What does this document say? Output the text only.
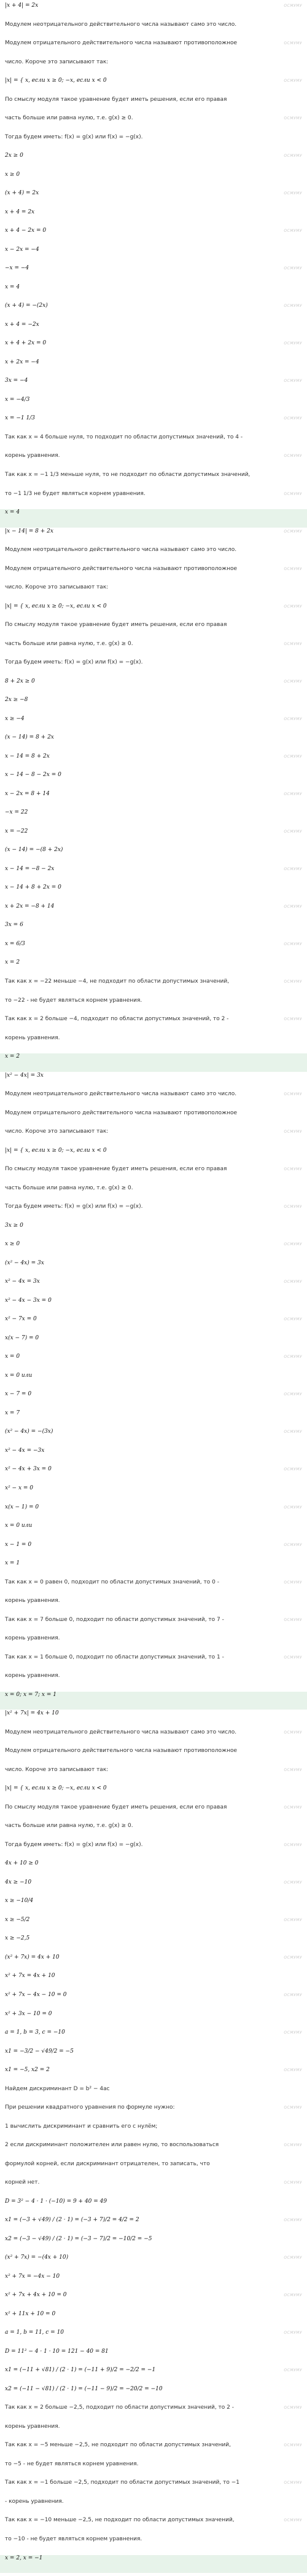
|x + 4| = 2x	ОСМУМУ
Модулем неотрицательного действительного числа называют само это число.
Модулем отрицательного действительного числа называют противоположное	ОСМУМУ
число. Короче это записывают так:
|x| = { x, если x ≥ 0; −x, если x < 0	ОСМУМУ
По смыслу модуля такое уравнение будет иметь решения, если его правая
часть больше или равна нулю, т.е. g(x) ≥ 0.	ОСМУМУ
Тогда будем иметь: f(x) = g(x) или f(x) = −g(x).
2x ≥ 0	ОСМУМУ
x ≥ 0
(x + 4) = 2x	ОСМУМУ
x + 4 = 2x
x + 4 − 2x = 0	ОСМУМУ
x − 2x = −4
−x = −4	ОСМУМУ
x = 4
(x + 4) = −(2x)	ОСМУМУ
x + 4 = −2x
x + 4 + 2x = 0	ОСМУМУ
x + 2x = −4
3x = −4	ОСМУМУ
x = −4/3
x = −1 1/3	ОСМУМУ
Так как x = 4 больше нуля, то подходит по области допустимых значений, то 4 -
корень уравнения.	ОСМУМУ
Так как x = −1 1/3 меньше нуля, то не подходит по области допустимых значений,
то −1 1/3 не будет являться корнем уравнения.	ОСМУМУ
x = 4
|x − 14| = 8 + 2x	ОСМУМУ
Модулем неотрицательного действительного числа называют само это число.
Модулем отрицательного действительного числа называют противоположное	ОСМУМУ
число. Короче это записывают так:
|x| = { x, если x ≥ 0; −x, если x < 0	ОСМУМУ
По смыслу модуля такое уравнение будет иметь решения, если его правая
часть больше или равна нулю, т.е. g(x) ≥ 0.	ОСМУМУ
Тогда будем иметь: f(x) = g(x) или f(x) = −g(x).
8 + 2x ≥ 0	ОСМУМУ
2x ≥ −8
x ≥ −4	ОСМУМУ
(x − 14) = 8 + 2x
x − 14 = 8 + 2x	ОСМУМУ
x − 14 − 8 − 2x = 0
x − 2x = 8 + 14	ОСМУМУ
−x = 22
x = −22	ОСМУМУ
(x − 14) = −(8 + 2x)
x − 14 = −8 − 2x	ОСМУМУ
x − 14 + 8 + 2x = 0
x + 2x = −8 + 14	ОСМУМУ
3x = 6
x = 6/3	ОСМУМУ
x = 2
Так как x = −22 меньше −4, не подходит по области допустимых значений,	ОСМУМУ
то −22 - не будет являться корнем уравнения.
Так как x = 2 больше −4, подходит по области допустимых значений, то 2 -	ОСМУМУ
корень уравнения.
x = 2
|x² − 4x| = 3x
Модулем неотрицательного действительного числа называют само это число.	ОСМУМУ
Модулем отрицательного действительного числа называют противоположное
число. Короче это записывают так:	ОСМУМУ
|x| = { x, если x ≥ 0; −x, если x < 0
По смыслу модуля такое уравнение будет иметь решения, если его правая	ОСМУМУ
часть больше или равна нулю, т.е. g(x) ≥ 0.
Тогда будем иметь: f(x) = g(x) или f(x) = −g(x).	ОСМУМУ
3x ≥ 0
x ≥ 0	ОСМУМУ
(x² − 4x) = 3x
x² − 4x = 3x	ОСМУМУ
x² − 4x − 3x = 0
x² − 7x = 0	ОСМУМУ
x(x − 7) = 0
x = 0	ОСМУМУ
x = 0 или
x − 7 = 0	ОСМУМУ
x = 7
(x² − 4x) = −(3x)	ОСМУМУ
x² − 4x = −3x
x² − 4x + 3x = 0	ОСМУМУ
x² − x = 0
x(x − 1) = 0	ОСМУМУ
x = 0 или
x − 1 = 0	ОСМУМУ
x = 1
Так как x = 0 равен 0, подходит по области допустимых значений, то 0 -	ОСМУМУ
корень уравнения.
Так как x = 7 больше 0, подходит по области допустимых значений, то 7 -	ОСМУМУ
корень уравнения.
Так как x = 1 больше 0, подходит по области допустимых значений, то 1 -	ОСМУМУ
корень уравнения.
x = 0; x = 7; x = 1
|x² + 7x| = 4x + 10
Модулем неотрицательного действительного числа называют само это число.	ОСМУМУ
Модулем отрицательного действительного числа называют противоположное
число. Короче это записывают так:	ОСМУМУ
|x| = { x, если x ≥ 0; −x, если x < 0
По смыслу модуля такое уравнение будет иметь решения, если его правая	ОСМУМУ
часть больше или равна нулю, т.е. g(x) ≥ 0.
Тогда будем иметь: f(x) = g(x) или f(x) = −g(x).	ОСМУМУ
4x + 10 ≥ 0
4x ≥ −10	ОСМУМУ
x ≥ −10/4
x ≥ −5/2	ОСМУМУ
x ≥ −2,5
(x² + 7x) = 4x + 10	ОСМУМУ
x² + 7x = 4x + 10
x² + 7x − 4x − 10 = 0	ОСМУМУ
x² + 3x − 10 = 0
a = 1, b = 3, c = −10	ОСМУМУ
x1 = −3/2 − √49/2 = −5
x1 = −5, x2 = 2	ОСМУМУ
Найдем дискриминант D = b² − 4ac
При решении квадратного уравнения по формуле нужно:	ОСМУМУ
1 вычислить дискриминант и сравнить его с нулём;
2 если дискриминант положителен или равен нулю, то воспользоваться	ОСМУМУ
формулой корней, если дискриминант отрицателен, то записать, что
корней нет.	ОСМУМУ
D = 3² − 4 · 1 · (−10) = 9 + 40 = 49
x1 = (−3 + √49) / (2 · 1) = (−3 + 7)/2 = 4/2 = 2	ОСМУМУ
x2 = (−3 − √49) / (2 · 1) = (−3 − 7)/2 = −10/2 = −5
(x² + 7x) = −(4x + 10)	ОСМУМУ
x² + 7x = −4x − 10
x² + 7x + 4x + 10 = 0	ОСМУМУ
x² + 11x + 10 = 0
a = 1, b = 11, c = 10	ОСМУМУ
D = 11² − 4 · 1 · 10 = 121 − 40 = 81
x1 = (−11 + √81) / (2 · 1) = (−11 + 9)/2 = −2/2 = −1	ОСМУМУ
x2 = (−11 − √81) / (2 · 1) = (−11 − 9)/2 = −20/2 = −10
Так как x = 2 больше −2,5, подходит по области допустимых значений, то 2 -	ОСМУМУ
корень уравнения.
Так как x = −5 меньше −2,5, не подходит по области допустимых значений,	ОСМУМУ
то −5 - не будет являться корнем уравнения.
Так как x = −1 больше −2,5, подходит по области допустимых значений, то −1	ОСМУМУ
- корень уравнения.
Так как x = −10 меньше −2,5, не подходит по области допустимых значений,	ОСМУМУ
то −10 - не будет являться корнем уравнения.
x = 2, x = −1
